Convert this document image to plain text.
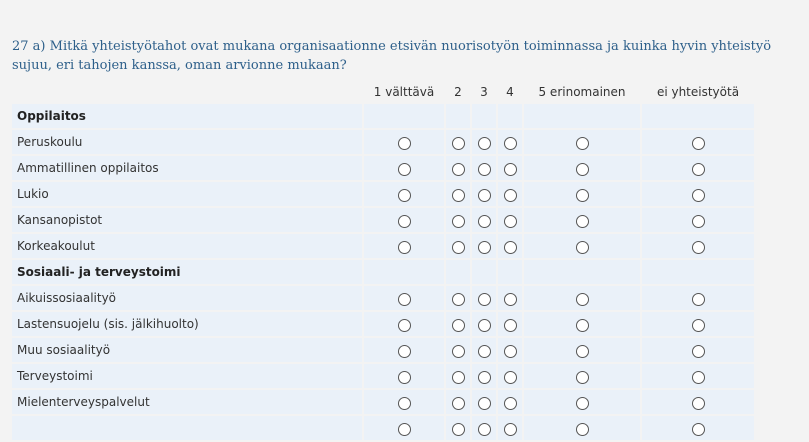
27 a) Mitkä yhteistyötahot ovat mukana organisaationne etsivän nuorisotyön toiminnassa ja kuinka hyvin yhteistyö sujuu, eri tahojen kanssa, oman arvionne mukaan?

	1 välttävä	2	3	4	5 erinomainen	ei yhteistyötä
Oppilaitos						
Peruskoulu						
Ammatillinen oppilaitos						
Lukio						
Kansanopistot						
Korkeakoulut						
Sosiaali- ja terveystoimi						
Aikuissosiaalityö						
Lastensuojelu (sis. jälkihuolto)						
Muu sosiaalityö						
Terveystoimi						
Mielenterveyspalvelut						
